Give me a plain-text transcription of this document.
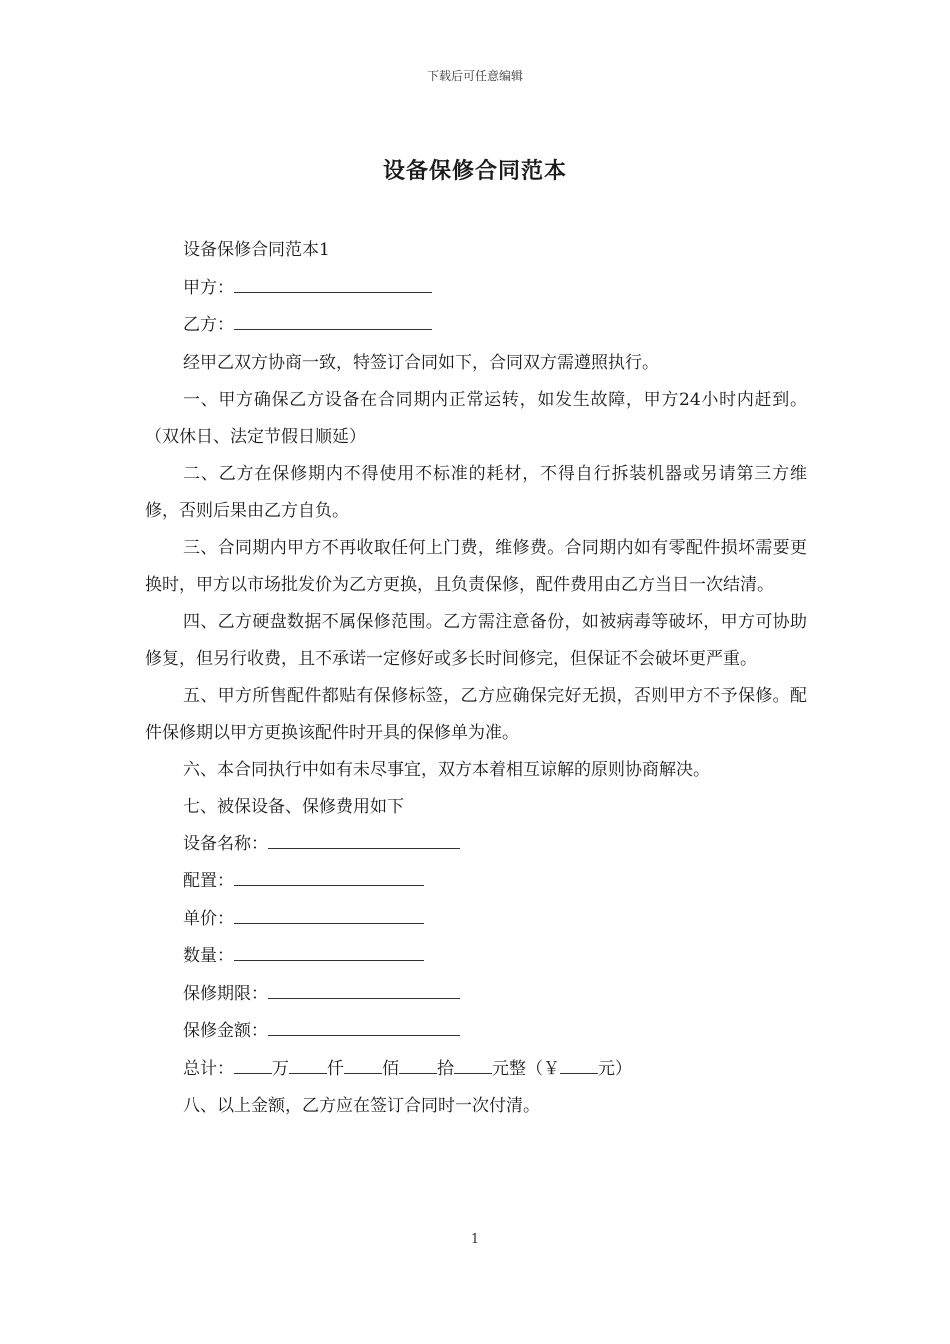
下载后可任意编辑
设备保修合同范本

设备保修合同范本1

甲方：

乙方：

经甲乙双方协商一致，特签订合同如下，合同双方需遵照执行。

一、甲方确保乙方设备在合同期内正常运转，如发生故障，甲方24小时内赶到。（双休日、法定节假日顺延）

二、乙方在保修期内不得使用不标准的耗材，不得自行拆装机器或另请第三方维修，否则后果由乙方自负。

三、合同期内甲方不再收取任何上门费，维修费。合同期内如有零配件损坏需要更换时，甲方以市场批发价为乙方更换，且负责保修，配件费用由乙方当日一次结清。

四、乙方硬盘数据不属保修范围。乙方需注意备份，如被病毒等破坏，甲方可协助修复，但另行收费，且不承诺一定修好或多长时间修完，但保证不会破坏更严重。

五、甲方所售配件都贴有保修标签，乙方应确保完好无损，否则甲方不予保修。配件保修期以甲方更换该配件时开具的保修单为准。

六、本合同执行中如有未尽事宜，双方本着相互谅解的原则协商解决。

七、被保设备、保修费用如下

设备名称：

配置：

单价：

数量：

保修期限：

保修金额：

总计： 万 仟 佰 拾 元整（￥ 元）

八、以上金额，乙方应在签订合同时一次付清。

1
